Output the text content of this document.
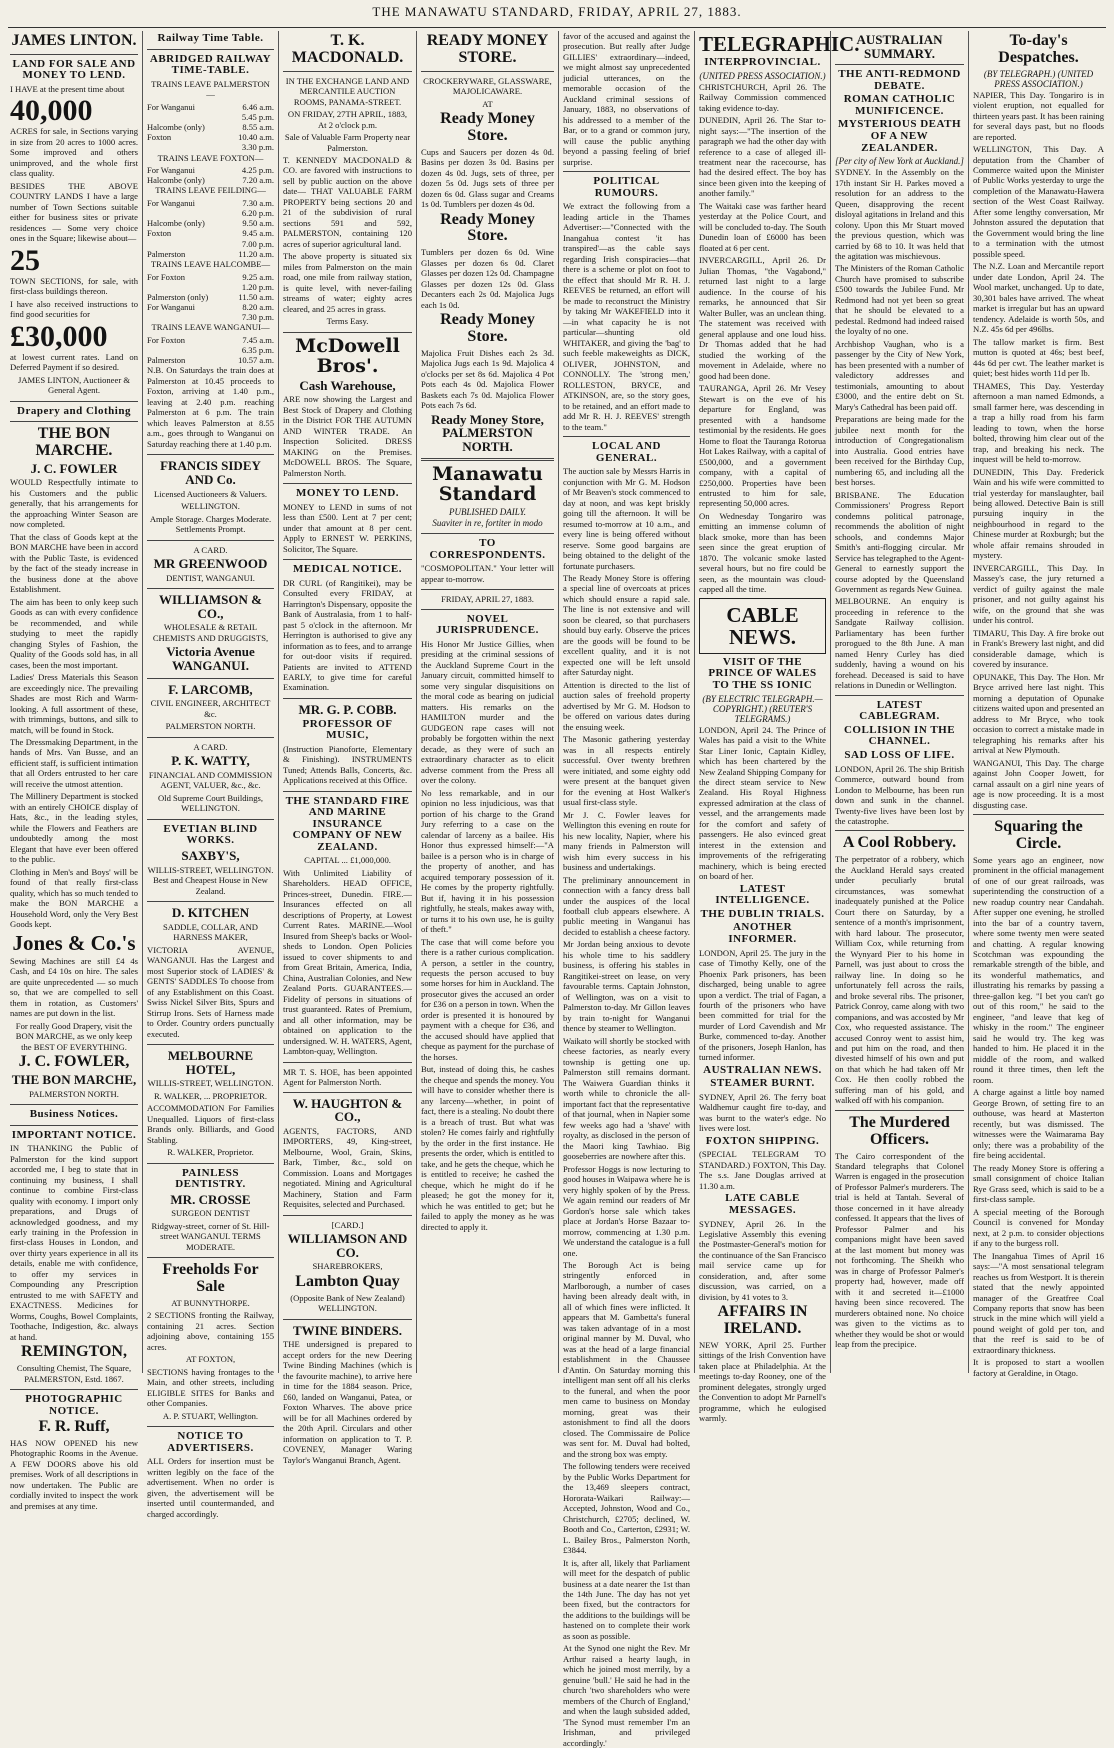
THE MANAWATU STANDARD, FRIDAY, APRIL 27, 1883.
JAMES LINTON.
LAND FOR SALE AND MONEY TO LEND.
I HAVE at the present time about
40,000
ACRES for sale, in Sections varying in size from 20 acres to 1000 acres. Some improved and others unimproved, and the whole first class quality.
BESIDES THE ABOVE COUNTRY LANDS I have a large number of Town Sections suitable either for business sites or private residences — Some very choice ones in the Square; likewise about—
25
TOWN SECTIONS, for sale, with first-class buildings thereon.
I have also received instructions to find good securities for
£30,000
at lowest current rates. Land on Deferred Payment if so desired.
JAMES LINTON, Auctioneer & General Agent.
Drapery and Clothing
THE BON MARCHE.
J. C. FOWLER
WOULD Respectfully intimate to his Customers and the public generally, that his arrangements for the approaching Winter Season are now completed.
That the class of Goods kept at the BON MARCHE have been in accord with the Public Taste, is evidenced by the fact of the steady increase in the business done at the above Establishment.
The aim has been to only keep such Goods as can with every confidence be recommended, and while studying to meet the rapidly changing Styles of Fashion, the Quality of the Goods sold has, in all cases, been the most important.
Ladies' Dress Materials this Season are exceedingly nice. The prevailing Shades are most Rich and Warm-looking. A full assortment of these, with trimmings, buttons, and silk to match, will be found in Stock.
The Dressmaking Department, in the hands of Mrs. Van Busse, and an efficient staff, is sufficient intimation that all Orders entrusted to her care will receive the utmost attention.
The Millinery Department is stocked with an entirely CHOICE display of Hats, &c., in the leading styles, while the Flowers and Feathers are undoubtedly among the most Elegant that have ever been offered to the public.
Clothing in Men's and Boys' will be found of that really first-class quality, which has so much tended to make the BON MARCHE a Household Word, only the Very Best Goods kept.
Jones & Co.'s
Sewing Machines are still £4 4s Cash, and £4 10s on hire. The sales are quite unprecedented — so much so, that we are compelled to sell them in rotation, as Customers' names are put down in the list.
For really Good Drapery, visit the BON MARCHE, as we only keep the BEST OF EVERYTHING.
J. C. FOWLER,
THE BON MARCHE,
PALMERSTON NORTH.
Business Notices.
IMPORTANT NOTICE.
IN THANKING the Public of Palmerston for the kind support accorded me, I beg to state that in continuing my business, I shall continue to combine First-class quality with economy. I import only preparations, and Drugs of acknowledged goodness, and my early training in the Profession in first-class Houses in London, and over thirty years experience in all its details, enable me with confidence, to offer my services in Compounding any Prescription entrusted to me with SAFETY and EXACTNESS. Medicines for Worms, Coughs, Bowel Complaints, Toothache, Indigestion, &c. always at hand.
REMINGTON,
Consulting Chemist, The Square, PALMERSTON, Estd. 1867.
PHOTOGRAPHIC NOTICE.
F. R. Ruff,
HAS NOW OPENED his new Photographic Rooms in the Avenue. A FEW DOORS above his old premises. Work of all descriptions in now undertaken. The Public are cordially invited to inspect the work and premises at any time.
Railway Time Table.
ABRIDGED RAILWAY TIME-TABLE.
TRAINS LEAVE PALMERSTON—
For Wanganui	6.46 a.m.
	5.45 p.m.
Halcombe (only)	8.55 a.m.
Foxton	10.40 a.m.
	3.30 p.m.
TRAINS LEAVE FOXTON—
For Wanganui	4.25 p.m.
Halcombe (only)	7.20 a.m.
TRAINS LEAVE FEILDING—
For Wanganui	7.30 a.m.
	6.20 p.m.
Halcombe (only)	9.50 a.m.
Foxton	9.45 a.m.
	7.00 p.m.
Palmerston	11.20 a.m.
TRAINS LEAVE HALCOMBE—
For Foxton	9.25 a.m.
	1.20 p.m.
Palmerston (only)	11.50 a.m.
For Wanganui	8.20 a.m.
	7.30 p.m.
TRAINS LEAVE WANGANUI—
For Foxton	7.45 a.m.
	6.35 p.m.
Palmerston	10.57 a.m.
N.B. On Saturdays the train does at Palmerston at 10.45 proceeds to Foxton, arriving at 1.40 p.m., leaving at 2.40 p.m. reaching Palmerston at 6 p.m. The train which leaves Palmerston at 8.55 a.m., goes through to Wanganui on Saturday reaching there at 1.40 p.m.
FRANCIS SIDEY AND Co.
Licensed Auctioneers & Valuers.
WELLINGTON.
Ample Storage. Charges Moderate. Settlements Prompt.
A CARD.
MR GREENWOOD
DENTIST, WANGANUI.
WILLIAMSON & CO.,
WHOLESALE & RETAIL CHEMISTS AND DRUGGISTS,
Victoria Avenue WANGANUI.
F. LARCOMB,
CIVIL ENGINEER, ARCHITECT &c.
PALMERSTON NORTH.
A CARD.
P. K. WATTY,
FINANCIAL AND COMMISSION AGENT, VALUER, &c., &c.
Old Supreme Court Buildings, WELLINGTON.
EVETIAN BLIND WORKS.
SAXBY'S,
WILLIS-STREET, WELLINGTON. Best and Cheapest House in New Zealand.
D. KITCHEN
SADDLE, COLLAR, AND HARNESS MAKER,
VICTORIA AVENUE, WANGANUI. Has the Largest and most Superior stock of LADIES' & GENTS' SADDLES To choose from of any Establishment on this Coast. Swiss Nickel Silver Bits, Spurs and Stirrup Irons. Sets of Harness made to Order. Country orders punctually executed.
MELBOURNE HOTEL,
WILLIS-STREET, WELLINGTON.
R. WALKER, ... PROPRIETOR.
ACCOMMODATION For Families Unequalled. Liquors of first-class Brands only. Billiards, and Good Stabling.
R. WALKER, Proprietor.
PAINLESS DENTISTRY.
MR. CROSSE
SURGEON DENTIST
Ridgway-street, corner of St. Hill-street WANGANUI. TERMS MODERATE.
Freeholds For Sale
AT BUNNYTHORPE.
2 SECTIONS fronting the Railway, containing 21 acres. Section adjoining above, containing 155 acres.
AT FOXTON,
SECTIONS having frontages to the Main, and other streets, including ELIGIBLE SITES for Banks and other Companies.
A. P. STUART, Wellington.
NOTICE TO ADVERTISERS.
ALL Orders for insertion must be written legibly on the face of the advertisement. When no order is given, the advertisement will be inserted until countermanded, and charged accordingly.
T. K. MACDONALD.
IN THE EXCHANGE LAND AND MERCANTILE AUCTION ROOMS, PANAMA-STREET.
ON FRIDAY, 27TH APRIL, 1883, At 2 o'clock p.m.
Sale of Valuable Farm Property near Palmerston.
T. KENNEDY MACDONALD & CO. are favored with instructions to sell by public auction on the above date— THAT VALUABLE FARM PROPERTY being sections 20 and 21 of the subdivision of rural sections 591 and 592, PALMERSTON, containing 120 acres of superior agricultural land.
The above property is situated six miles from Palmerston on the main road, one mile from railway station, is quite level, with never-failing streams of water; eighty acres cleared, and 25 acres in grass.
Terms Easy.
McDowell Bros'.
Cash Warehouse,
ARE now showing the Largest and Best Stock of Drapery and Clothing in the District FOR THE AUTUMN AND WINTER TRADE. An Inspection Solicited. DRESS MAKING on the Premises. McDOWELL BROS. The Square, Palmerston North.
MONEY TO LEND.
MONEY to LEND in sums of not less than £500. Lent at 7 per cent; under that amount at 8 per cent. Apply to ERNEST W. PERKINS, Solicitor, The Square.
MEDICAL NOTICE.
DR CURL (of Rangitikei), may be Consulted every FRIDAY, at Harrington's Dispensary, opposite the Bank of Australasia, from 1 to half-past 5 o'clock in the afternoon. Mr Herrington is authorised to give any information as to fees, and to arrange for out-door visits if required. Patients are invited to ATTEND EARLY, to give time for careful Examination.
MR. G. P. COBB.
PROFESSOR OF MUSIC,
(Instruction Pianoforte, Elementary & Finishing). INSTRUMENTS Tuned; Attends Balls, Concerts, &c. Applications received at this Office.
THE STANDARD FIRE AND MARINE INSURANCE COMPANY OF NEW ZEALAND.
CAPITAL ... £1,000,000.
With Unlimited Liability of Shareholders. HEAD OFFICE, Princes-street, Dunedin. FIRE.—Insurances effected on all descriptions of Property, at Lowest Current Rates. MARINE.—Wool Insured from Sheep's backs or Wool-sheds to London. Open Policies issued to cover shipments to and from Great Britain, America, India, China, Australian Colonies, and New Zealand Ports. GUARANTEES.—Fidelity of persons in situations of trust guaranteed. Rates of Premium, and all other information, may be obtained on application to the undersigned. W. H. WATERS, Agent, Lambton-quay, Wellington.
MR T. S. HOE, has been appointed Agent for Palmerston North.
W. HAUGHTON & CO.,
AGENTS, FACTORS, AND IMPORTERS, 49, King-street, Melbourne, Wool, Grain, Skins, Bark, Timber, &c., sold on Commission. Loans and Mortgages negotiated. Mining and Agricultural Machinery, Station and Farm Requisites, selected and Purchased.
[CARD.]
WILLIAMSON AND CO.
SHAREBROKERS,
Lambton Quay
(Opposite Bank of New Zealand) WELLINGTON.
TWINE BINDERS.
THE undersigned is prepared to accept orders for the new Deering Twine Binding Machines (which is the favourite machine), to arrive here in time for the 1884 season. Price, £60, landed on Wanganui, Patea, or Foxton Wharves. The above price will be for all Machines ordered by the 20th April. Circulars and other information on application to T. P. COVENEY, Manager Waring Taylor's Wanganui Branch, Agent.
READY MONEY STORE.
CROCKERYWARE, GLASSWARE, MAJOLICAWARE.
AT
Ready Money Store.
Cups and Saucers per dozen 4s 0d. Basins per dozen 3s 0d. Basins per dozen 4s 0d. Jugs, sets of three, per dozen 5s 0d. Jugs sets of three per dozen 6s 0d. Glass sugar and Creams 1s 0d. Tumblers per dozen 4s 0d.
Ready Money Store.
Tumblers per dozen 6s 0d. Wine Glasses per dozen 6s 0d. Claret Glasses per dozen 12s 0d. Champagne Glasses per dozen 12s 0d. Glass Decanters each 2s 0d. Majolica Jugs each 1s 0d.
Ready Money Store.
Majolica Fruit Dishes each 2s 3d. Majolica Jugs each 1s 9d. Majolica 4 o'clocks per set 8s 6d. Majolica 4 Pot Pots each 4s 0d. Majolica Flower Baskets each 7s 0d. Majolica Flower Pots each 7s 6d.
Ready Money Store, PALMERSTON NORTH.
Manawatu Standard
PUBLISHED DAILY.
Suaviter in re, fortiter in modo
TO CORRESPONDENTS.
"COSMOPOLITAN." Your letter will appear to-morrow.
FRIDAY, APRIL 27, 1883.
NOVEL JURISPRUDENCE.
His Honor Mr Justice Gillies, when presiding at the criminal sessions of the Auckland Supreme Court in the January circuit, committed himself to some very singular disquisitions on the moral code as bearing on judicial matters. His remarks on the HAMILTON murder and the GUDGEON rape cases will not probably be forgotten within the next decade, as they were of such an extraordinary character as to elicit adverse comment from the Press all over the colony.
No less remarkable, and in our opinion no less injudicious, was that portion of his charge to the Grand Jury referring to a case on the calendar of larceny as a bailee. His Honor thus expressed himself:—"A bailee is a person who is in charge of the property of another, and has acquired temporary possession of it. He comes by the property rightfully. But if, having it in his possession rightfully, he steals, makes away with, or turns it to his own use, he is guilty of theft."
The case that will come before you there is a rather curious complication. A person, a settler in the country, requests the person accused to buy some horses for him in Auckland. The prosecutor gives the accused an order for £36 on a person in town. When the order is presented it is honoured by payment with a cheque for £36, and the accused should have applied that cheque as payment for the purchase of the horses.
But, instead of doing this, he cashes the cheque and spends the money. You will have to consider whether there is any larceny—whether, in point of fact, there is a stealing. No doubt there is a breach of trust. But what was stolen? He comes fairly and rightfully by the order in the first instance. He presents the order, which is entitled to take, and he gets the cheque, which he is entitled to receive; he cashed the cheque, which he might do if he pleased; he got the money for it, which he was entitled to get; but he failed to apply the money as he was directed to apply it.
favor of the accused and against the prosecution. But really after Judge GILLIES' extraordinary—indeed, we might almost say unprecedented judicial utterances, on the memorable occasion of the Auckland criminal sessions of January, 1883, no observations of his addressed to a member of the Bar, or to a grand or common jury, will cause the public anything beyond a passing feeling of brief surprise.
POLITICAL RUMOURS.
We extract the following from a leading article in the Thames Advertiser:—"Connected with the Inangahua contest 'it has transpired'—as the cable says regarding Irish conspiracies—that there is a scheme or plot on foot to the effect that should Mr R. H. J. REEVES be returned, an effort will be made to reconstruct the Ministry by taking Mr WAKEFIELD into it—in what capacity he is not particular—shunting old WHITAKER, and giving the 'bag' to such feeble makeweights as DICK, OLIVER, JOHNSTON, and CONNOLLY. The 'strong men,' ROLLESTON, BRYCE, and ATKINSON, are, so the story goes, to be retained, and an effort made to add Mr R. H. J. REEVES' strength to the team."
LOCAL AND GENERAL.
The auction sale by Messrs Harris in conjunction with Mr G. M. Hodson of Mr Beaven's stock commenced to day at noon, and was kept briskly going till the afternoon. It will be resumed to-morrow at 10 a.m., and every line is being offered without reserve. Some good bargains are being obtained to the delight of the fortunate purchasers.
The Ready Money Store is offering a special line of overcoats at prices which should ensure a rapid sale. The line is not extensive and will soon be cleared, so that purchasers should buy early. Observe the prices are the goods will be found to be excellent quality, and it is not expected one will be left unsold after Saturday night.
Attention is directed to the list of auction sales of freehold property advertised by Mr G. M. Hodson to be offered on various dates during the ensuing week.
The Masonic gathering yesterday was in all respects entirely successful. Over twenty brethren were initiated, and some eighty odd were present at the banquet given for the evening at Host Walker's usual first-class style.
Mr J. C. Fowler leaves for Wellington this evening en route for his new locality, Napier, where his many friends in Palmerston will wish him every success in his business and undertakings.
The preliminary announcement in connection with a fancy dress ball under the auspices of the local football club appears elsewhere. A public meeting in Wanganui has decided to establish a cheese factory.
Mr Jordan being anxious to devote his whole time to his saddlery business, is offering his stables in Rangitikei-street on lease, on very favourable terms. Captain Johnston, of Wellington, was on a visit to Palmerston to-day. Mr Gillon leaves by train to-night for Wanganui thence by steamer to Wellington.
Waikato will shortly be stocked with cheese factories, as nearly every township is getting one up. Palmerston still remains dormant. The Waiwera Guardian thinks it worth while to chronicle the all-important fact that the representative of that journal, when in Napier some few weeks ago had a 'shave' with royalty, as disclosed in the person of the Maori king Tawhiao. Big gooseberries are nowhere after this.
Professor Hoggs is now lecturing to good houses in Waipawa where he is very highly spoken of by the Press. We again remind our readers of Mr Gordon's horse sale which takes place at Jordan's Horse Bazaar to-morrow, commencing at 1.30 p.m. We understand the catalogue is a full one.
The Borough Act is being stringently enforced in Marlborough, a number of cases having been already dealt with, in all of which fines were inflicted. It appears that M. Gambetta's funeral was taken advantage of in a most original manner by M. Duval, who was at the head of a large financial establishment in the Chaussee d'Antin. On Saturday morning this intelligent man sent off all his clerks to the funeral, and when the poor men came to business on Monday morning, great was their astonishment to find all the doors closed. The Commissaire de Police was sent for. M. Duval had bolted, and the strong box was empty.
The following tenders were received by the Public Works Department for the 13,469 sleepers contract, Hororata-Waikari Railway:—Accepted, Johnston, Wood and Co., Christchurch, £2705; declined, W. Booth and Co., Carterton, £2931; W. L. Bailey Bros., Palmerston North, £3844.
It is, after all, likely that Parliament will meet for the despatch of public business at a date nearer the 1st than the 14th June. The day has not yet been fixed, but the contractors for the additions to the buildings will be hastened on to complete their work as soon as possible.
At the Synod one night the Rev. Mr Arthur raised a hearty laugh, in which he joined most merrily, by a genuine 'bull.' He said he had in the church 'two shareholders who were members of the Church of England,' and when the laugh subsided added, 'The Synod must remember I'm an Irishman, and privileged accordingly.'
TELEGRAPHIC.
INTERPROVINCIAL.
(UNITED PRESS ASSOCIATION.)
CHRISTCHURCH, April 26. The Railway Commission commenced taking evidence to-day.
DUNEDIN, April 26. The Star to-night says:—"The insertion of the paragraph we had the other day with reference to a case of alleged ill-treatment near the racecourse, has had the desired effect. The boy has since been given into the keeping of another family."
The Waitaki case was farther heard yesterday at the Police Court, and will be concluded to-day. The South Dunedin loan of £6000 has been floated at 6 per cent.
INVERCARGILL, April 26. Dr Julian Thomas, "the Vagabond," returned last night to a large audience. In the course of his remarks, he announced that Sir Walter Buller, was an unclean thing. The statement was received with general applause and one loud hiss. Dr Thomas added that he had studied the working of the movement in Adelaide, where no good had been done.
TAURANGA, April 26. Mr Vesey Stewart is on the eve of his departure for England, was presented with a handsome testimonial by the residents. He goes Home to float the Tauranga Rotorua Hot Lakes Railway, with a capital of £500,000, and a government company, with a capital of £250,000. Properties have been entrusted to him for sale, representing 50,000 acres.
On Wednesday Tongariro was emitting an immense column of black smoke, more than has been seen since the great eruption of 1870. The volcanic smoke lasted several hours, but no fire could be seen, as the mountain was cloud-capped all the time.
CABLE NEWS.
VISIT OF THE PRINCE OF WALES TO THE SS IONIC
(BY ELECTRIC TELEGRAPH.—COPYRIGHT.) (REUTER'S TELEGRAMS.)
LONDON, April 24. The Prince of Wales has paid a visit to the White Star Liner Ionic, Captain Kidley, which has been chartered by the New Zealand Shipping Company for the direct steam service to New Zealand. His Royal Highness expressed admiration at the class of vessel, and the arrangements made for the comfort and safety of passengers. He also evinced great interest in the extension and improvements of the refrigerating machinery, which is being erected on board of her.
LATEST INTELLIGENCE.
THE DUBLIN TRIALS.
ANOTHER INFORMER.
LONDON, April 25. The jury in the case of Timothy Kelly, one of the Phoenix Park prisoners, has been discharged, being unable to agree upon a verdict. The trial of Fagan, a fourth of the prisoners who have been committed for trial for the murder of Lord Cavendish and Mr Burke, commenced to-day. Another of the prisoners, Joseph Hanlon, has turned informer.
AUSTRALIAN NEWS.
STEAMER BURNT.
SYDNEY, April 26. The ferry boat Waldhemur caught fire to-day, and was burnt to the water's edge. No lives were lost.
FOXTON SHIPPING.
(SPECIAL TELEGRAM TO STANDARD.) FOXTON, This Day. The s.s. Jane Douglas arrived at 11.30 a.m.
LATE CABLE MESSAGES.
SYDNEY, April 26. In the Legislative Assembly this evening the Postmaster-General's motion for the continuance of the San Francisco mail service came up for consideration, and, after some discussion, was carried, on a division, by 41 votes to 3.
AFFAIRS IN IRELAND.
NEW YORK, April 25. Further sittings of the Irish Convention have taken place at Philadelphia. At the meetings to-day Rooney, one of the prominent delegates, strongly urged the Convention to adopt Mr Parnell's programme, which he eulogised warmly.
AUSTRALIAN SUMMARY.
THE ANTI-REDMOND DEBATE.
ROMAN CATHOLIC MUNIFICENCE.
MYSTERIOUS DEATH OF A NEW ZEALANDER.
[Per city of New York at Auckland.]
SYDNEY. In the Assembly on the 17th instant Sir H. Parkes moved a resolution for an address to the Queen, disapproving the recent disloyal agitations in Ireland and this colony. Upon this Mr Stuart moved the previous question, which was carried by 68 to 10. It was held that the agitation was mischievous.
The Ministers of the Roman Catholic Church have promised to subscribe £500 towards the Jubilee Fund. Mr Redmond had not yet been so great that he should be elevated to a pedestal. Redmond had indeed raised the loyalty of no one.
Archbishop Vaughan, who is a passenger by the City of New York, has been presented with a number of valedictory addresses and testimonials, amounting to about £3000, and the entire debt on St. Mary's Cathedral has been paid off.
Preparations are being made for the jubilee next month for the introduction of Congregationalism into Australia. Good entries have been received for the Birthday Cup, numbering 65, and including all the best horses.
BRISBANE. The Education Commissioners' Progress Report condemns political patronage, recommends the abolition of night schools, and condemns Major Smith's anti-flogging circular. Mr Service has telegraphed to the Agent-General to earnestly support the course adopted by the Queensland Government as regards New Guinea.
MELBOURNE. An enquiry is proceeding in reference to the Sandgate Railway collision. Parliamentary has been further prorogued to the 8th June. A man named Henry Curley has died suddenly, having a wound on his forehead. Deceased is said to have relations in Dunedin or Wellington.
LATEST CABLEGRAM.
COLLISION IN THE CHANNEL.
SAD LOSS OF LIFE.
LONDON, April 26. The ship British Commerce, outward bound from London to Melbourne, has been run down and sunk in the channel. Twenty-five lives have been lost by the catastrophe.
A Cool Robbery.
The perpetrator of a robbery, which the Auckland Herald says created under peculiarly brutal circumstances, was somewhat inadequately punished at the Police Court there on Saturday, by a sentence of a month's imprisonment, with hard labour. The prosecutor, William Cox, while returning from the Wynyard Pier to his home in Parnell, was just about to cross the railway line. In doing so he unfortunately fell across the rails, and broke several ribs. The prisoner, Patrick Conroy, came along with two companions, and was accosted by Mr Cox, who requested assistance. The accused Conroy went to assist him, and put him on the road, and then divested himself of his own and put on that which he had taken off Mr Cox. He then coolly robbed the suffering man of his gold, and walked off with his companion.
The Murdered Officers.
The Cairo correspondent of the Standard telegraphs that Colonel Warren is engaged in the prosecution of Professor Palmer's murderers. The trial is held at Tantah. Several of those concerned in it have already confessed. It appears that the lives of Professor Palmer and his companions might have been saved at the last moment but money was not forthcoming. The Sheikh who was in charge of Professor Palmer's property had, however, made off with it and secreted it—£1000 having been since recovered. The murderers obtained none. No choice was given to the victims as to whether they would be shot or would leap from the precipice.
To-day's Despatches.
(BY TELEGRAPH.) (UNITED PRESS ASSOCIATION.)
NAPIER, This Day. Tongariro is in violent eruption, not equalled for thirteen years past. It has been raining for several days past, but no floods are reported.
WELLINGTON, This Day. A deputation from the Chamber of Commerce waited upon the Minister of Public Works yesterday to urge the completion of the Manawatu-Hawera section of the West Coast Railway. After some lengthy conversation, Mr Johnston assured the deputation that the Government would bring the line to a termination with the utmost possible speed.
The N.Z. Loan and Mercantile report under date London, April 24. The Wool market, unchanged. Up to date, 30,301 bales have arrived. The wheat market is irregular but has an upward tendency. Adelaide is worth 50s, and N.Z. 45s 6d per 496lbs.
The tallow market is firm. Best mutton is quoted at 46s; best beef, 44s 6d per cwt. The leather market is quiet; best hides worth 11d per lb.
THAMES, This Day. Yesterday afternoon a man named Edmonds, a small farmer here, was descending in a trap a hilly road from his farm leading to town, when the horse bolted, throwing him clear out of the trap, and breaking his neck. The inquest will be held to-morrow.
DUNEDIN, This Day. Frederick Wain and his wife were committed to trial yesterday for manslaughter, bail being allowed. Detective Bain is still pursuing inquiry in the neighbourhood in regard to the Chinese murder at Roxburgh; but the whole affair remains shrouded in mystery.
INVERCARGILL, This Day. In Massey's case, the jury returned a verdict of guilty against the male prisoner, and not guilty against his wife, on the ground that she was under his control.
TIMARU, This Day. A fire broke out in Frank's Brewery last night, and did considerable damage, which is covered by insurance.
OPUNAKE, This Day. The Hon. Mr Bryce arrived here last night. This morning a deputation of Opunake citizens waited upon and presented an address to Mr Bryce, who took occasion to correct a mistake made in telegraphing his remarks after his arrival at New Plymouth.
WANGANUI, This Day. The charge against John Cooper Jowett, for carnal assault on a girl nine years of age is now proceeding. It is a most disgusting case.
Squaring the Circle.
Some years ago an engineer, now prominent in the official management of one of our great railroads, was superintending the construction of a new roadup country near Candahah. After supper one evening, he strolled into the bar of a country tavern, where some twenty men were seated and chatting. A regular knowing Scotchman was expounding the remarkable strength of the bible, and its wonderful mathematics, and illustrating his remarks by passing a three-gallon keg. "I bet you can't go out of this room," he said to the engineer, "and leave that keg of whisky in the room." The engineer said he would try. The keg was handed to him. He placed it in the middle of the room, and walked round it three times, then left the room.
A charge against a little boy named George Brown, of setting fire to an outhouse, was heard at Masterton recently, but was dismissed. The witnesses were the Waimarama Bay only; there was a probability of the fire being accidental.
The ready Money Store is offering a small consignment of choice Italian Rye Grass seed, which is said to be a first-class sample.
A special meeting of the Borough Council is convened for Monday next, at 2 p.m. to consider objections if any to the burgess roll.
The Inangahua Times of April 16 says:—"A most sensational telegram reaches us from Westport. It is therein stated that the newly appointed manager of the Greatfree Coal Company reports that snow has been struck in the mine which will yield a pound weight of gold per ton, and that the reef is said to be of extraordinary thickness.
It is proposed to start a woollen factory at Geraldine, in Otago.
